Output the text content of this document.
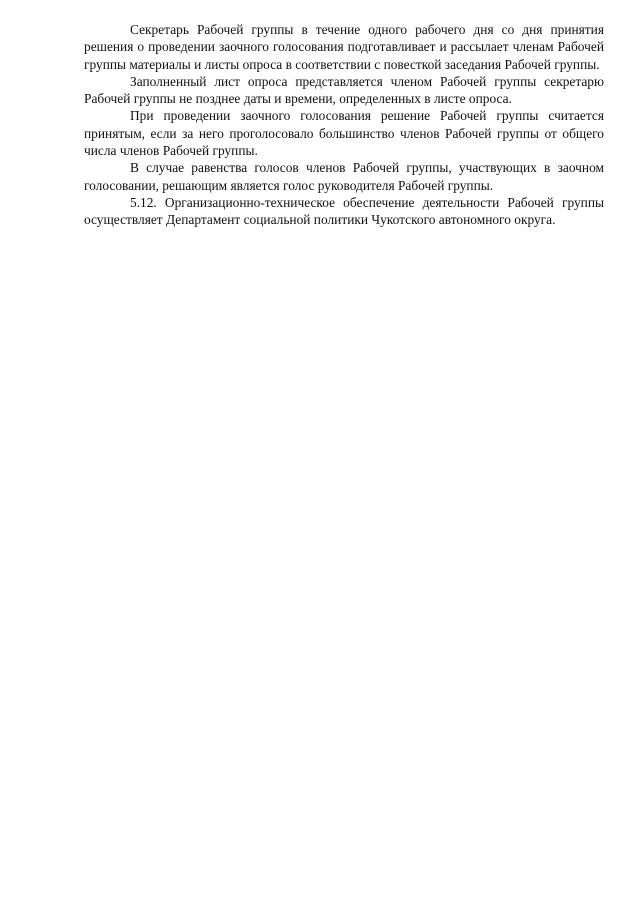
Секретарь Рабочей группы в течение одного рабочего дня со дня принятия решения о проведении заочного голосования подготавливает и рассылает членам Рабочей группы материалы и листы опроса в соответствии с повесткой заседания Рабочей группы.

Заполненный лист опроса представляется членом Рабочей группы секретарю Рабочей группы не позднее даты и времени, определенных в листе опроса.

При проведении заочного голосования решение Рабочей группы считается принятым, если за него проголосовало большинство членов Рабочей группы от общего числа членов Рабочей группы.

В случае равенства голосов членов Рабочей группы, участвующих в заочном голосовании, решающим является голос руководителя Рабочей группы.

5.12. Организационно-техническое обеспечение деятельности Рабочей группы осуществляет Департамент социальной политики Чукотского автономного округа.
